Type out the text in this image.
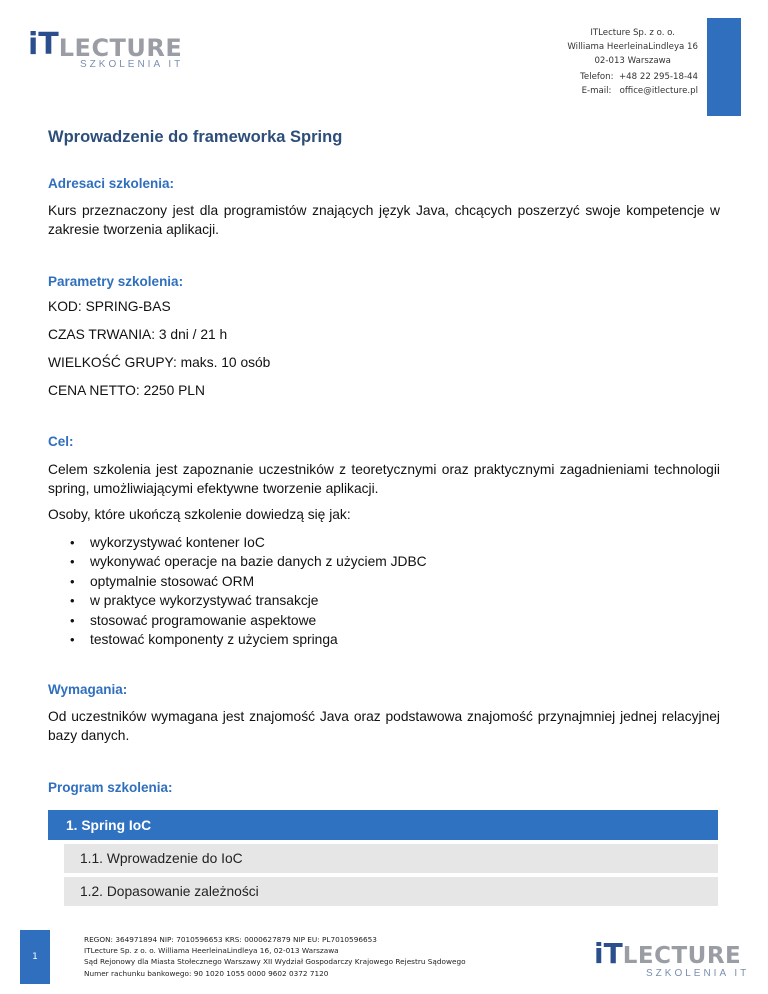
iT LECTURE
SZKOLENIA IT
ITLecture Sp. z o. o.
Williama HeerleinaLindleya 16
02-013 Warszawa
Telefon:  +48 22 295-18-44
E-mail:   office@itlecture.pl
Wprowadzenie do frameworka Spring
Adresaci szkolenia:
Kurs przeznaczony jest dla programistów znających język Java, chcących poszerzyć swoje kompetencje w zakresie tworzenia aplikacji.
Parametry szkolenia:
KOD: SPRING-BAS
CZAS TRWANIA: 3 dni / 21 h
WIELKOŚĆ GRUPY: maks. 10 osób
CENA NETTO: 2250 PLN
Cel:
Celem szkolenia jest zapoznanie uczestników z teoretycznymi oraz praktycznymi zagadnieniami technologii spring, umożliwiającymi efektywne tworzenie aplikacji.
Osoby, które ukończą szkolenie dowiedzą się jak:
• wykorzystywać kontener IoC
• wykonywać operacje na bazie danych z użyciem JDBC
• optymalnie stosować ORM
• w praktyce wykorzystywać transakcje
• stosować programowanie aspektowe
• testować komponenty z użyciem springa
Wymagania:
Od uczestników wymagana jest znajomość Java oraz podstawowa znajomość przynajmniej jednej relacyjnej bazy danych.
Program szkolenia:
1. Spring IoC
1.1. Wprowadzenie do IoC
1.2. Dopasowanie zależności
1
REGON: 364971894 NIP: 7010596653 KRS: 0000627879 NIP EU: PL7010596653
ITLecture Sp. z o. o. Williama HeerleinaLindleya 16, 02-013 Warszawa
Sąd Rejonowy dla Miasta Stołecznego Warszawy XII Wydział Gospodarczy Krajowego Rejestru Sądowego
Numer rachunku bankowego: 90 1020 1055 0000 9602 0372 7120
iT LECTURE
SZKOLENIA IT
